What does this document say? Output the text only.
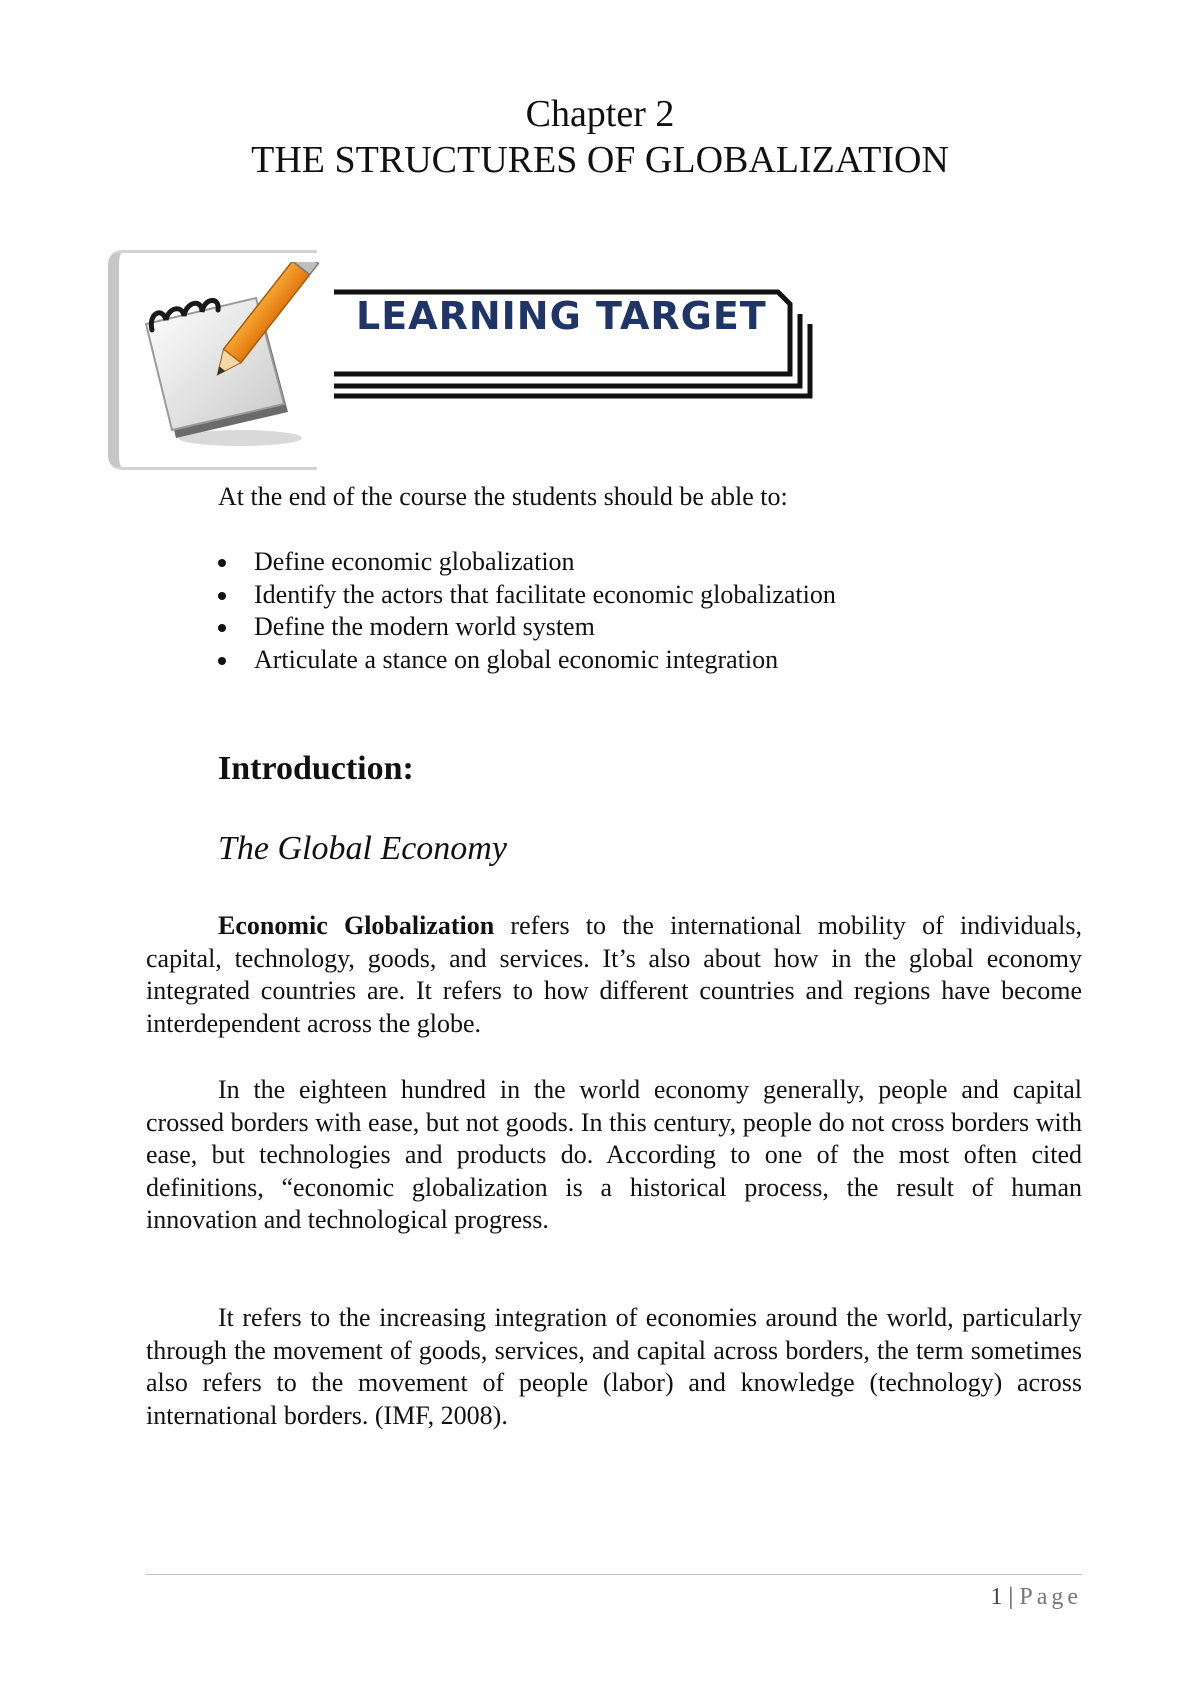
Chapter 2
THE STRUCTURES OF GLOBALIZATION
LEARNING TARGET
At the end of the course the students should be able to:
Define economic globalization
Identify the actors that facilitate economic globalization
Define the modern world system
Articulate a stance on global economic integration
Introduction:
The Global Economy

Economic Globalization refers to the international mobility of individuals, capital, technology, goods, and services. It’s also about how in the global economy integrated countries are. It refers to how different countries and regions have become interdependent across the globe.

In the eighteen hundred in the world economy generally, people and capital crossed borders with ease, but not goods. In this century, people do not cross borders with ease, but technologies and products do. According to one of the most often cited definitions, “economic globalization is a historical process, the result of human innovation and technological progress.

It refers to the increasing integration of economies around the world, particularly through the movement of goods, services, and capital across borders, the term sometimes also refers to the movement of people (labor) and knowledge (technology) across international borders. (IMF, 2008).

1 | Page
